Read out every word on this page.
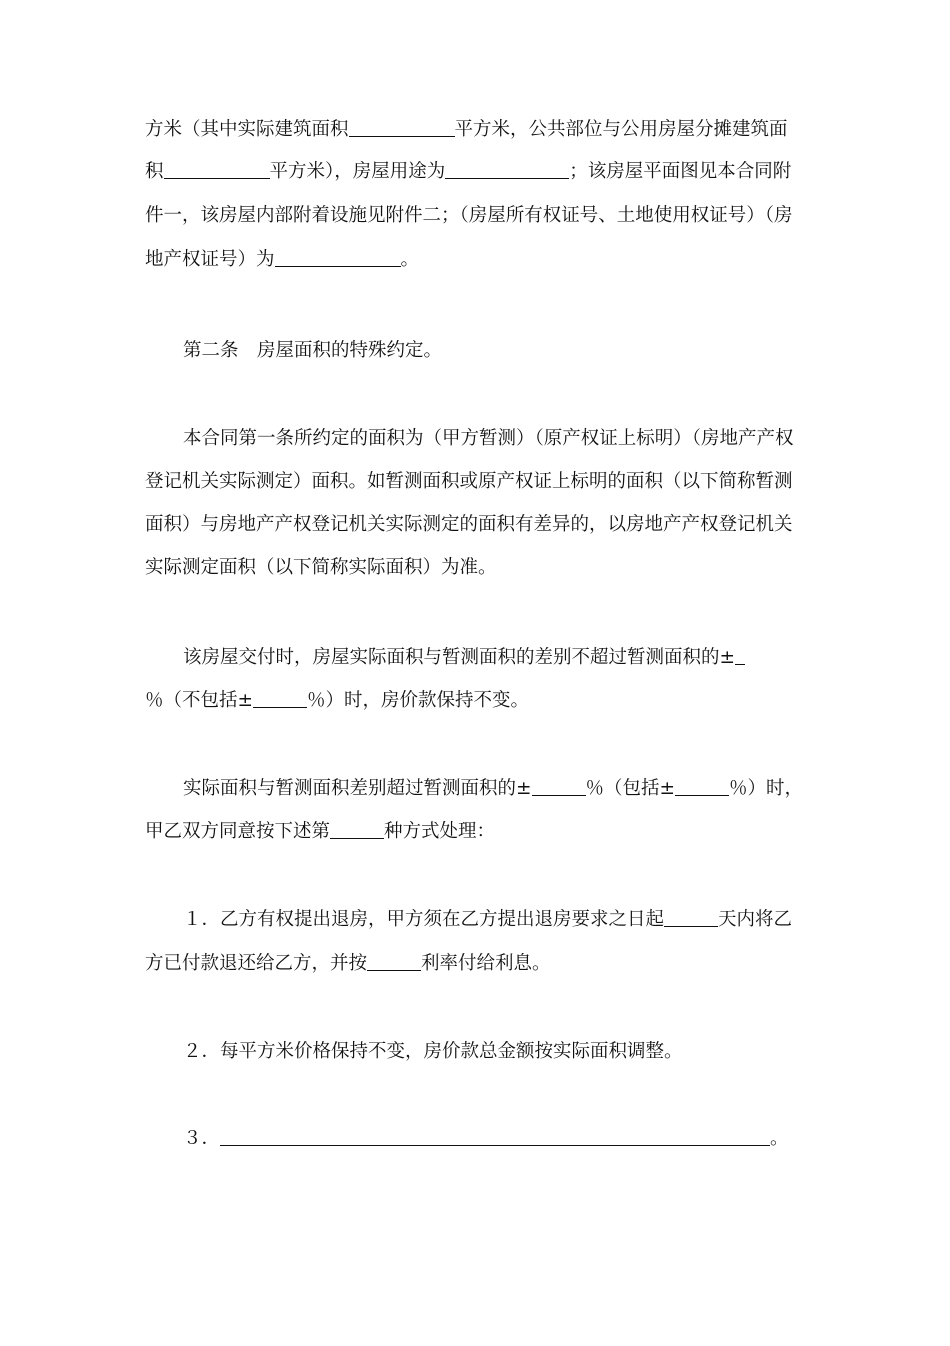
方米（其中实际建筑面积	平方米，公共部位与公用房屋分摊建筑面
积	平方米），房屋用途为	；该房屋平面图见本合同附
件一，该房屋内部附着设施见附件二；（房屋所有权证号、土地使用权证号）（房
地产权证号）为	。
第二条　房屋面积的特殊约定。
本合同第一条所约定的面积为（甲方暂测）（原产权证上标明）（房地产产权
登记机关实际测定）面积。如暂测面积或原产权证上标明的面积（以下简称暂测
面积）与房地产产权登记机关实际测定的面积有差异的，以房地产产权登记机关
实际测定面积（以下简称实际面积）为准。
该房屋交付时，房屋实际面积与暂测面积的差别不超过暂测面积的±
％（不包括±	％）时，房价款保持不变。
实际面积与暂测面积差别超过暂测面积的±	％（包括±	％）时，
甲乙双方同意按下述第	种方式处理：
１．乙方有权提出退房，甲方须在乙方提出退房要求之日起	天内将乙
方已付款退还给乙方，并按	利率付给利息。
２．每平方米价格保持不变，房价款总金额按实际面积调整。
３．	。
